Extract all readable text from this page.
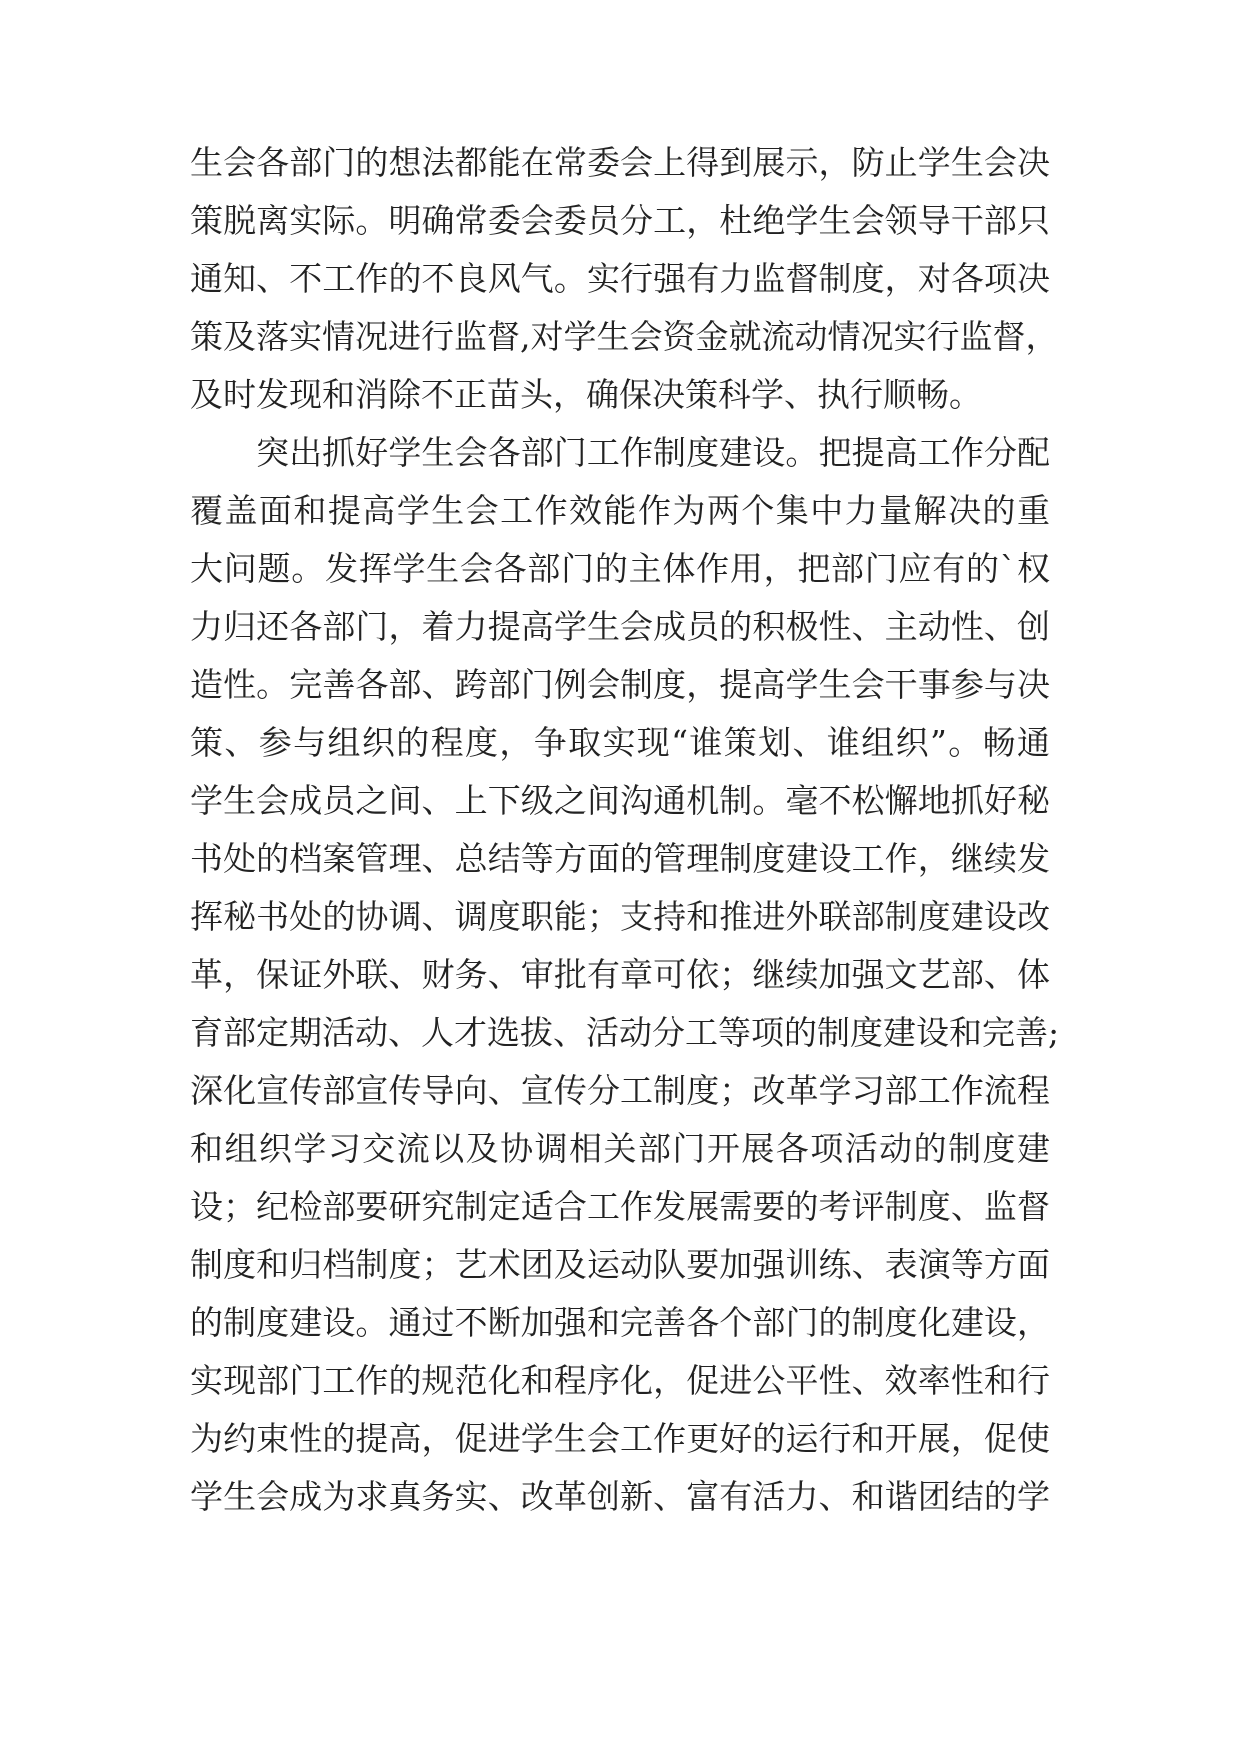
生会各部门的想法都能在常委会上得到展示，防止学生会决
策脱离实际。明确常委会委员分工，杜绝学生会领导干部只
通知、不工作的不良风气。实行强有力监督制度，对各项决
策及落实情况进行监督,对学生会资金就流动情况实行监督，
及时发现和消除不正苗头，确保决策科学、执行顺畅。
突出抓好学生会各部门工作制度建设。把提高工作分配
覆盖面和提高学生会工作效能作为两个集中力量解决的重
大问题。发挥学生会各部门的主体作用，把部门应有的`权
力归还各部门，着力提高学生会成员的积极性、主动性、创
造性。完善各部、跨部门例会制度，提高学生会干事参与决
策、参与组织的程度，争取实现“谁策划、谁组织”。畅通
学生会成员之间、上下级之间沟通机制。毫不松懈地抓好秘
书处的档案管理、总结等方面的管理制度建设工作，继续发
挥秘书处的协调、调度职能；支持和推进外联部制度建设改
革，保证外联、财务、审批有章可依；继续加强文艺部、体
育部定期活动、人才选拔、活动分工等项的制度建设和完善;
深化宣传部宣传导向、宣传分工制度；改革学习部工作流程
和组织学习交流以及协调相关部门开展各项活动的制度建
设；纪检部要研究制定适合工作发展需要的考评制度、监督
制度和归档制度；艺术团及运动队要加强训练、表演等方面
的制度建设。通过不断加强和完善各个部门的制度化建设，
实现部门工作的规范化和程序化，促进公平性、效率性和行
为约束性的提高，促进学生会工作更好的运行和开展，促使
学生会成为求真务实、改革创新、富有活力、和谐团结的学
